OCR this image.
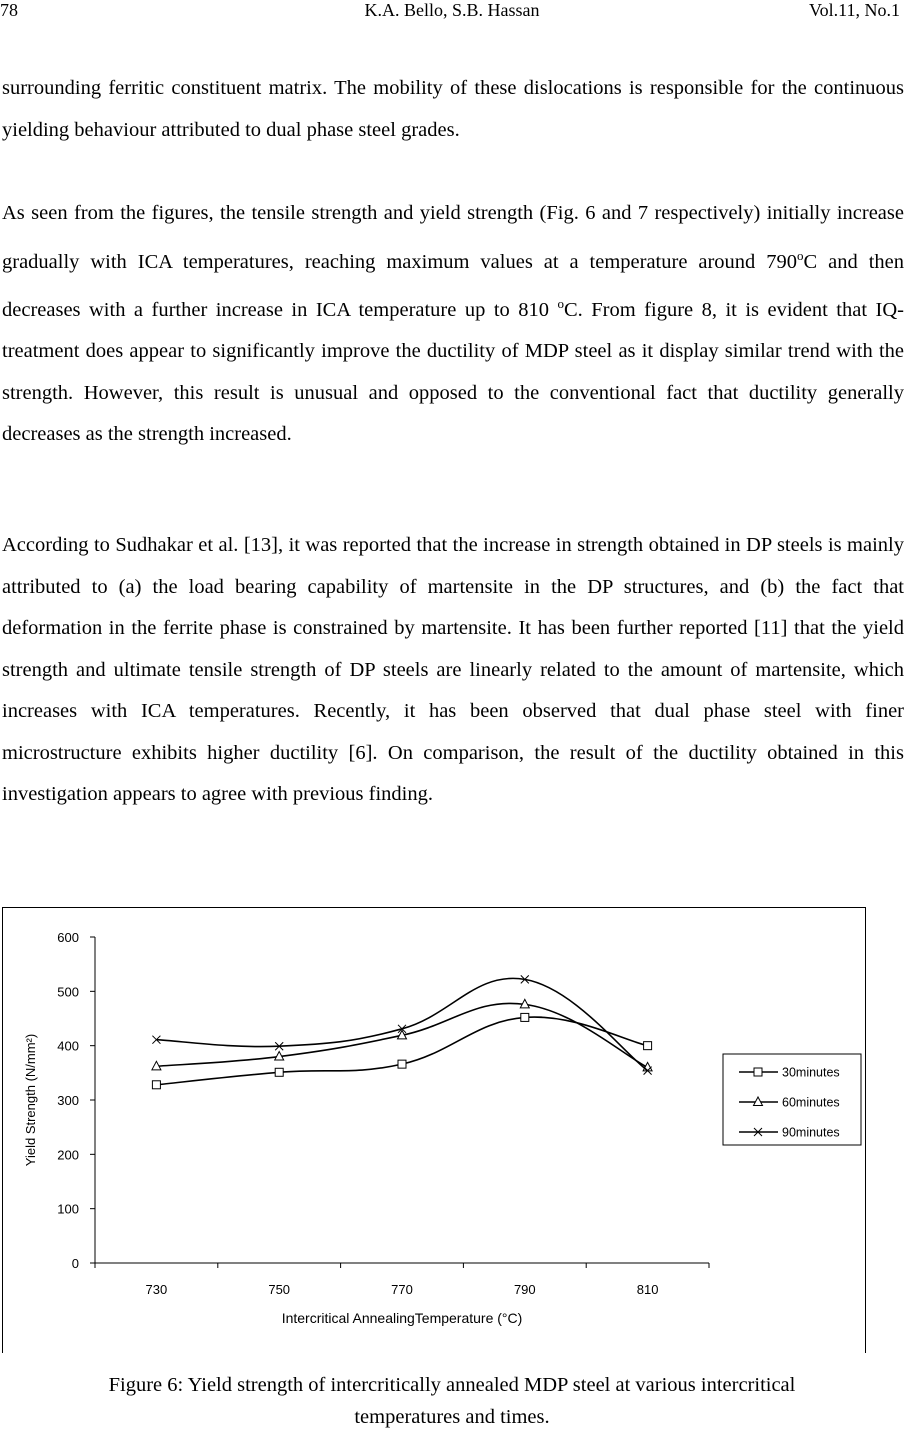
78	K.A. Bello, S.B. Hassan	Vol.11, No.1

surrounding ferritic constituent matrix. The mobility of these dislocations is responsible for the continuous yielding behaviour attributed to dual phase steel grades.

As seen from the figures, the tensile strength and yield strength (Fig. 6 and 7 respectively) initially increase gradually with ICA temperatures, reaching maximum values at a temperature around 790$^o$C and then decreases with a further increase in ICA temperature up to 810 $^o$C. From figure 8, it is evident that IQ-treatment does appear to significantly improve the ductility of MDP steel as it display similar trend with the strength. However, this result is unusual and opposed to the conventional fact that ductility generally decreases as the strength increased.

According to Sudhakar et al. [13], it was reported that the increase in strength obtained in DP steels is mainly attributed to (a) the load bearing capability of martensite in the DP structures, and (b) the fact that deformation in the ferrite phase is constrained by martensite. It has been further reported [11] that the yield strength and ultimate tensile strength of DP steels are linearly related to the amount of martensite, which increases with ICA temperatures. Recently, it has been observed that dual phase steel with finer microstructure exhibits higher ductility [6]. On comparison, the result of the ductility obtained in this investigation appears to agree with previous finding.

0
100
200
300
400
500
600
730	750	770	790	810
Intercritical AnnealingTemperature (°C)
Yield Strength (N/mm²)	30minutes
60minutes
90minutes
Figure 6: Yield strength of intercritically annealed MDP steel at various intercritical
temperatures and times.
